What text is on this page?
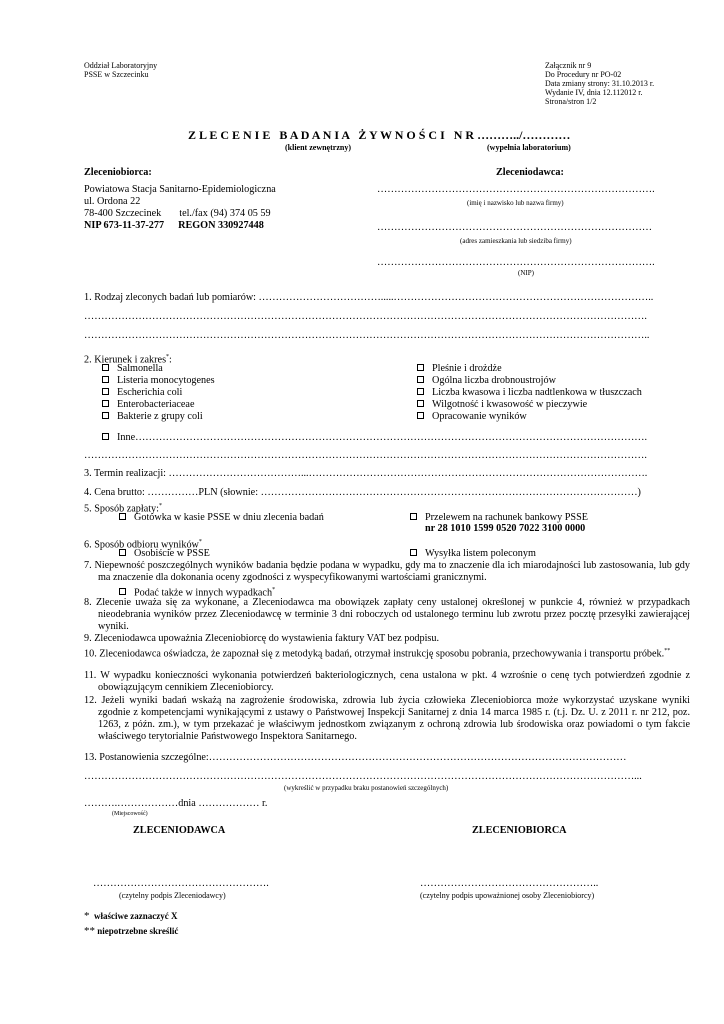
Oddział Laboratoryjny
PSSE w Szczecinku
Załącznik nr 9
Do Procedury nr PO-02
Data zmiany strony: 31.10.2013 r.
Wydanie IV, dnia 12.112012 r.
Strona/stron 1/2
Z L E C E N I E   B A D A N I A   Ż Y W N O Ś C I   N R ………../…………
(klient zewnętrzny)	(wypełnia laboratorium)
Zleceniobiorca:
Powiatowa Stacja Sanitarno-Epidemiologiczna
ul. Ordona 22
78-400 Szczecinek tel./fax (94) 374 05 59
NIP 673-11-37-277 REGON 330927448
Zleceniodawca:
……………………………………………………………………….
(imię i nazwisko lub nazwa firmy)
………………………………………………………………………
(adres zamieszkania lub siedziba firmy)
……………………………………………………………………….
(NIP)
1. Rodzaj zleconych badań lub pomiarów: ……………………………….....…………………………………………………………………..
………………………………………………………………………………………………………………………………………………….
…………………………………………………………………………………………………………………………………………………..
2. Kierunek i zakres*:
Salmonella
Listeria monocytogenes
Escherichia coli
Enterobacteriaceae
Bakterie z grupy coli
Pleśnie i drożdże
Ogólna liczba drobnoustrojów
Liczba kwasowa i liczba nadtlenkowa w tłuszczach
Wilgotność i kwasowość w pieczywie
Opracowanie wyników
Inne…………………………………………………………………………………………………………………………………….
………………………………………………………………………………………………………………………………………………….
3. Termin realizacji: …………………………………...……………………………………………………………………………………….
4. Cena brutto: ……………PLN (słownie: …………………………………………………………………………………………………)
5. Sposób zapłaty:*
Gotówka w kasie PSSE w dniu zlecenia badań	Przelewem na rachunek bankowy PSSE
nr 28 1010 1599 0520 7022 3100 0000
6. Sposób odbioru wyników*
Osobiście w PSSE	Wysyłka listem poleconym
7. Niepewność poszczególnych wyników badania będzie podana w wypadku, gdy ma to znaczenie dla ich miarodajności lub zastosowania, lub gdy ma znaczenie dla dokonania oceny zgodności z wyspecyfikowanymi wartościami granicznymi.
Podać także w innych wypadkach*
8. Zlecenie uważa się za wykonane, a Zleceniodawca ma obowiązek zapłaty ceny ustalonej określonej w punkcie 4, również w przypadkach nieodebrania wyników przez Zleceniodawcę w terminie 3 dni roboczych od ustalonego terminu lub zwrotu przez pocztę przesyłki zawierającej wyniki.
9. Zleceniodawca upoważnia Zleceniobiorcę do wystawienia faktury VAT bez podpisu.
10. Zleceniodawca oświadcza, że zapoznał się z metodyką badań, otrzymał instrukcję sposobu pobrania, przechowywania i transportu próbek.**
11. W wypadku konieczności wykonania potwierdzeń bakteriologicznych, cena ustalona w pkt. 4 wzrośnie o cenę tych potwierdzeń zgodnie z obowiązującym cennikiem Zleceniobiorcy.
12. Jeżeli wyniki badań wskażą na zagrożenie środowiska, zdrowia lub życia człowieka Zleceniobiorca może wykorzystać uzyskane wyniki zgodnie z kompetencjami wynikającymi z ustawy o Państwowej Inspekcji Sanitarnej z dnia 14 marca 1985 r. (t.j. Dz. U. z 2011 r. nr 212, poz. 1263, z późn. zm.), w tym przekazać je właściwym jednostkom związanym z ochroną zdrowia lub środowiska oraz powiadomi o tym fakcie właściwego terytorialnie Państwowego Inspektora Sanitarnego.
13. Postanowienia szczególne:……………………………………………………………………………………………………………
………………………………………………………………………………………………………………………………………………...
(wykreślić w przypadku braku postanowień szczególnych)
……….………………dnia ……………… r.
(Miejscowość)
ZLECENIODAWCA	ZLECENIOBIORCA
…………………………………………….
(czytelny podpis Zleceniodawcy)
……………………………………………..
(czytelny podpis upoważnionej osoby Zleceniobiorcy)
* właściwe zaznaczyć X
** niepotrzebne skreślić
